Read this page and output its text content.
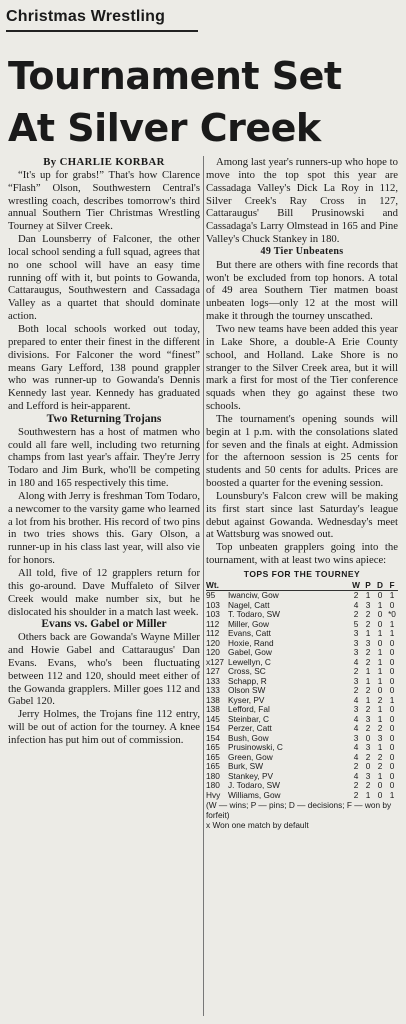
Christmas Wrestling
Tournament Set At Silver Creek
By CHARLIE KORBAR

“It's up for grabs!” That's how Clarence “Flash” Olson, Southwestern Central's wrestling coach, describes tomorrow's third annual Southern Tier Christmas Wrestling Tourney at Silver Creek.

Dan Lounsberry of Falconer, the other local school sending a full squad, agrees that no one school will have an easy time running off with it, but points to Gowanda, Cattaraugus, Southwestern and Cassadaga Valley as a quartet that should dominate action.

Both local schools worked out today, prepared to enter their finest in the different divisions. For Falconer the word “finest” means Gary Lefford, 138 pound grappler who was runner-up to Gowanda's Dennis Kennedy last year. Kennedy has graduated and Lefford is heir-apparent.

Two Returning Trojans

Southwestern has a host of matmen who could all fare well, including two returning champs from last year's affair. They're Jerry Todaro and Jim Burk, who'll be competing in 180 and 165 respectively this time.

Along with Jerry is freshman Tom Todaro, a newcomer to the varsity game who learned a lot from his brother. His record of two pins in two tries shows this. Gary Olson, a runner-up in his class last year, will also vie for honors.

All told, five of 12 grapplers return for this go-around. Dave Muffaleto of Silver Creek would make number six, but he dislocated his shoulder in a match last week.

Evans vs. Gabel or Miller

Others back are Gowanda's Wayne Miller and Howie Gabel and Cattaraugus' Dan Evans. Evans, who's been fluctuating between 112 and 120, should meet either of the Gowanda grapplers. Miller goes 112 and Gabel 120.

Jerry Holmes, the Trojans fine 112 entry, will be out of action for the tourney. A knee infection has put him out of commission.

Among last year's runners-up who hope to move into the top spot this year are Cassadaga Valley's Dick La Roy in 112, Silver Creek's Ray Cross in 127, Cattaraugus' Bill Prusinowski and Cassadaga's Larry Olmstead in 165 and Pine Valley's Chuck Stankey in 180.

49 Tier Unbeatens

But there are others with fine records that won't be excluded from top honors. A total of 49 area Southern Tier matmen boast unbeaten logs—only 12 at the most will make it through the tourney unscathed.

Two new teams have been added this year in Lake Shore, a double-A Erie County school, and Holland. Lake Shore is no stranger to the Silver Creek area, but it will mark a first for most of the Tier conference squads when they go against these two schools.

The tournament's opening sounds will begin at 1 p.m. with the consolations slated for seven and the finals at eight. Admission for the afternoon session is 25 cents for students and 50 cents for adults. Prices are boosted a quarter for the evening session.

Lounsbury's Falcon crew will be making its first start since last Saturday's league debut against Gowanda. Wednesday's meet at Wattsburg was snowed out.

Top unbeaten grapplers going into the tournament, with at least two wins apiece:

TOPS FOR THE TOURNEY
Wt.		W	P	D	F
95	Iwanciw, Gow	2	1	0	1
103	Nagel, Catt	4	3	1	0
103	T. Todaro, SW	2	2	0	*0
112	Miller, Gow	5	2	0	1
112	Evans, Catt	3	1	1	1
120	Hoxie, Rand	3	3	0	0
120	Gabel, Gow	3	2	1	0
x127	Lewellyn, C	4	2	1	0
127	Cross, SC	2	1	1	0
133	Schapp, R	3	1	1	0
133	Olson SW	2	2	0	0
138	Kyser, PV	4	1	2	1
138	Lefford, Fal	3	2	1	0
145	Steinbar, C	4	3	1	0
154	Perzer, Catt	4	2	2	0
154	Bush, Gow	3	0	3	0
165	Prusinowski, C	4	3	1	0
165	Green, Gow	4	2	2	0
165	Burk, SW	2	0	2	0
180	Stankey, PV	4	3	1	0
180	J. Todaro, SW	2	2	0	0
Hvy	Williams, Gow	2	1	0	1
(W — wins; P — pins; D — decisions; F — won by forfeit)
x Won one match by default
